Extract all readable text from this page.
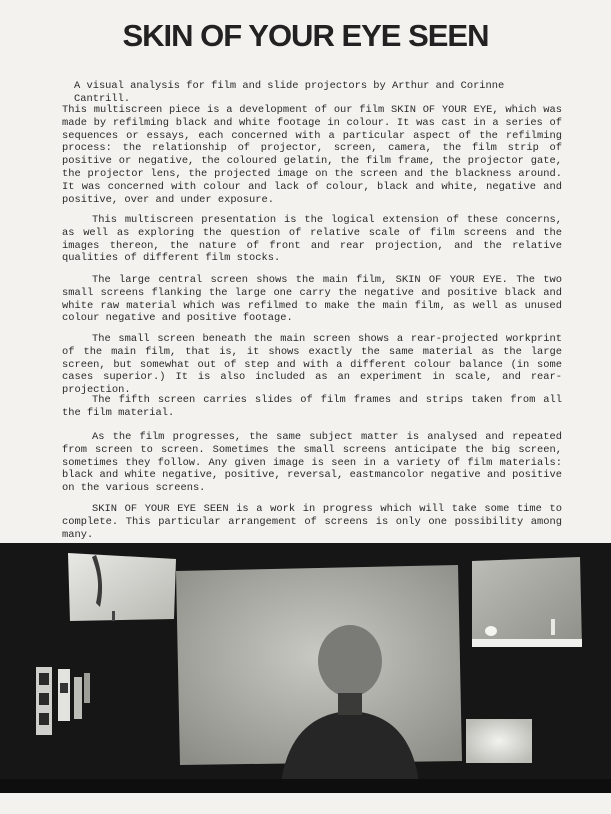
SKIN OF YOUR EYE SEEN
A visual analysis for film and slide projectors by Arthur and Corinne Cantrill.
This multiscreen piece is a development of our film SKIN OF YOUR EYE, which was made by refilming black and white footage in colour. It was cast in a series of sequences or essays, each concerned with a particular aspect of the refilming process: the relationship of projector, screen, camera, the film strip of positive or negative, the coloured gelatin, the film frame, the projector gate, the projector lens, the projected image on the screen and the blackness around. It was concerned with colour and lack of colour, black and white, negative and positive, over and under exposure.
This multiscreen presentation is the logical extension of these concerns, as well as exploring the question of relative scale of film screens and the images thereon, the nature of front and rear projection, and the relative qualities of different film stocks.
The large central screen shows the main film, SKIN OF YOUR EYE. The two small screens flanking the large one carry the negative and positive black and white raw material which was refilmed to make the main film, as well as unused colour negative and positive footage.
The small screen beneath the main screen shows a rear-projected workprint of the main film, that is, it shows exactly the same material as the large screen, but somewhat out of step and with a different colour balance (in some cases superior.) It is also included as an experiment in scale, and rear-projection.
The fifth screen carries slides of film frames and strips taken from all the film material.
As the film progresses, the same subject matter is analysed and repeated from screen to screen. Sometimes the small screens anticipate the big screen, sometimes they follow. Any given image is seen in a variety of film materials: black and white negative, positive, reversal, eastmancolor negative and positive on the various screens.
SKIN OF YOUR EYE SEEN is a work in progress which will take some time to complete. This particular arrangement of screens is only one possibility among many.
